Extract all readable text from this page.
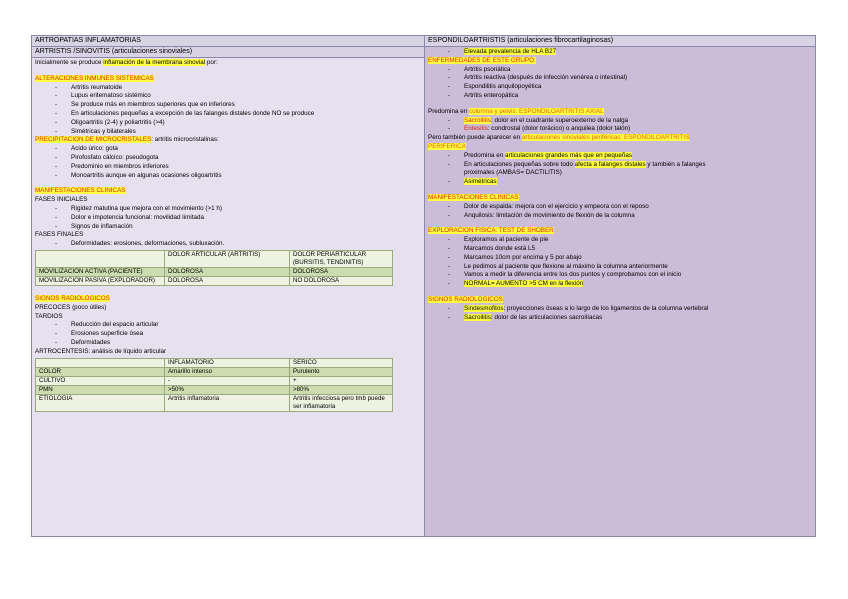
ARTROPATIAS INFLAMATORIAS
ARTRISTIS /SINOVITIS (articulaciones sinoviales)
Inicialmente se produce inflamación de la membrana sinovial por:
ALTERACIONES INMUNES SISTEMICAS
- Artritis reumatoide
- Lupus eritematoso sistémico
- Se produce más en miembros superiores que en inferiores
- En articulaciones pequeñas a excepción de las falanges distales donde NO se produce
- Oligoartritis (2-4) y poliartritis (>4)
- Simétricas y bilaterales
PRECIPITACION DE MICROCRISTALES: artritis microcristalinas:
- Ácido úrico: gota
- Pirofosfato cálcico: pseudogota
- Predominio en miembros inferiores
- Monoartritis aunque en algunas ocasiones oligoartritis
MANIFESTACIONES CLINICAS
FASES INICIALES
- Rigidez matutina que mejora con el movimiento (>1 h)
- Dolor e impotencia funcional: movilidad limitada
- Signos de inflamación
FASES FINALES
- Deformidades: erosiones, deformaciones, subluxación.
	DOLOR ARTICULAR (ARTRITIS)	DOLOR PERIARTICULAR (BURSITIS, TENDINITIS)
MOVILIZACION ACTIVA (PACIENTE)	DOLOROSA	DOLOROSA
MOVILIZACION PASIVA (EXPLORADOR)	DOLOROSA	NO DOLOROSA
SIGNOS RADIOLOGICOS
PRECOCES (poco útiles)
TARDIOS
- Reducción del espacio articular
- Erosiones superficie ósea
- Deformidades
ARTROCENTESIS: análisis de líquido articular
	INFLAMATORIO	SERICO
COLOR	Amarillo intenso	Purulento
CULTIVO	-	+
PMN	>50%	>80%
ETIOLOGIA	Artritis inflamatoria	Artritis infecciosa pero tmb puede ser inflamatoria
ESPONDILOARTRISTIS (articulaciones fibrocartilaginosas)
- Elevada prevalencia de HLA B27
ENFERMEDADES DE ESTE GRUPO:
- Artritis psoriática
- Artritis reactiva (después de infección venérea o intestinal)
- Espondilitis anquilopoyética
- Artritis enteropática
Predomina en columna y pelvis: ESPONDILOARTRITIS AXIAL
- Sacroilitis: dolor en el cuadrante superoexterno de la nalga
- Entesitis: condrostal (dolor torácico) o anquilea (dolor talón)
Pero también puede aparecer en articulaciones sinoviales periféricas: ESPONDILOARTRITIS
PERIFERICA
- Predomina en articulaciones grandes más que en pequeñas
- En articulaciones pequeñas sobre todo afecta a falanges distales y también a falanges
proximales (AMBAS= DACTILITIS)
- Asimétricas
MANIFESTACIONES CLINICAS
- Dolor de espalda: mejora con el ejercicio y empeora con el reposo
- Anquilosis: limitación de movimiento de flexión de la columna
EXPLORACION FISICA: TEST DE SHOBER
- Exploramos al paciente de pie
- Marcamos donde está L5
- Marcamos 10cm por encima y 5 por abajo
- Le pedimos al paciente que flexione al máximo la columna anteriormente
- Vamos a medir la diferencia entre los dos puntos y comprobamos con el inicio
- NORMAL= AUMENTO >5 CM en la flexión
SIGNOS RADIOLOGICOS
- Sindesmofitos: proyecciones óseas a lo largo de los ligamentos de la columna vertebral
- Sacroilitis: dolor de las articulaciones sacroilíacas
